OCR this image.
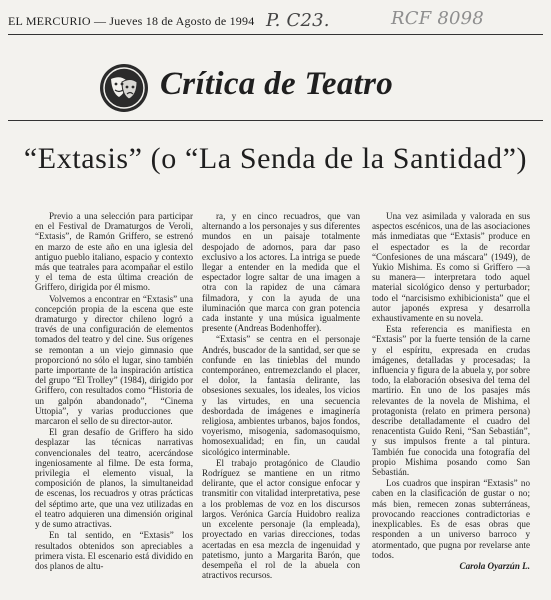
EL MERCURIO — Jueves 18 de Agosto de 1994 P. C23.	RCF 8098
Crítica de Teatro
“Extasis” (o “La Senda de la Santidad”)

Previo a una selección para participar en el Festival de Dramaturgos de Veroli, “Extasis”, de Ramón Griffero, se estrenó en marzo de este año en una iglesia del antiguo pueblo italiano, espacio y contexto más que teatrales para acompañar el estilo y el tema de esta última creación de Griffero, dirigida por él mismo.

Volvemos a encontrar en “Extasis” una concepción propia de la escena que este dramaturgo y director chileno logró a través de una configuración de elementos tomados del teatro y del cine. Sus orígenes se remontan a un viejo gimnasio que proporcionó no sólo el lugar, sino también parte importante de la inspiración artística del grupo “El Trolley” (1984), dirigido por Griffero, con resultados como “Historia de un galpón abandonado”, “Cinema Uttopia”, y varias producciones que marcaron el sello de su director-autor.

El gran desafío de Griffero ha sido desplazar las técnicas narrativas convencionales del teatro, acercándose ingeniosamente al filme. De esta forma, privilegia el elemento visual, la composición de planos, la simultaneidad de escenas, los recuadros y otras prácticas del séptimo arte, que una vez utilizadas en el teatro adquieren una dimensión original y de sumo atractivas.

En tal sentido, en “Extasis” los resultados obtenidos son apreciables a primera vista. El escenario está dividido en dos planos de altu-

ra, y en cinco recuadros, que van alternando a los personajes y sus diferentes mundos en un paisaje totalmente despojado de adornos, para dar paso exclusivo a los actores. La intriga se puede llegar a entender en la medida que el espectador logre saltar de una imagen a otra con la rapidez de una cámara filmadora, y con la ayuda de una iluminación que marca con gran potencia cada instante y una música igualmente presente (Andreas Bodenhoffer).

“Extasis” se centra en el personaje Andrés, buscador de la santidad, ser que se confunde en las tinieblas del mundo contemporáneo, entremezclando el placer, el dolor, la fantasía delirante, las obsesiones sexuales, los ideales, los vicios y las virtudes, en una secuencia desbordada de imágenes e imaginería religiosa, ambientes urbanos, bajos fondos, voyerismo, misogenia, sadomasoquismo, homosexualidad; en fin, un caudal sicológico interminable.

El trabajo protagónico de Claudio Rodríguez se mantiene en un ritmo delirante, que el actor consigue enfocar y transmitir con vitalidad interpretativa, pese a los problemas de voz en los discursos largos. Verónica García Huidobro realiza un excelente personaje (la empleada), proyectado en varias direcciones, todas acertadas en esa mezcla de ingenuidad y patetismo, junto a Margarita Barón, que desempeña el rol de la abuela con atractivos recursos.

Una vez asimilada y valorada en sus aspectos escénicos, una de las asociaciones más inmediatas que “Extasis” produce en el espectador es la de recordar “Confesiones de una máscara” (1949), de Yukio Mishima. Es como si Griffero —a su manera— interpretara todo aquel material sicológico denso y perturbador; todo el “narcisismo exhibicionista” que el autor japonés expresa y desarrolla exhaustivamente en su novela.

Esta referencia es manifiesta en “Extasis” por la fuerte tensión de la carne y el espíritu, expresada en crudas imágenes, detalladas y procesadas; la influencia y figura de la abuela y, por sobre todo, la elaboración obsesiva del tema del martirio. En uno de los pasajes más relevantes de la novela de Mishima, el protagonista (relato en primera persona) describe detalladamente el cuadro del renacentista Guido Reni, “San Sebastián”, y sus impulsos frente a tal pintura. También fue conocida una fotografía del propio Mishima posando como San Sebastián.

Los cuadros que inspiran “Extasis” no caben en la clasificación de gustar o no; más bien, remecen zonas subterráneas, provocando reacciones contradictorias e inexplicables. Es de esas obras que responden a un universo barroco y atormentado, que pugna por revelarse ante todos.

Carola Oyarzún L.
